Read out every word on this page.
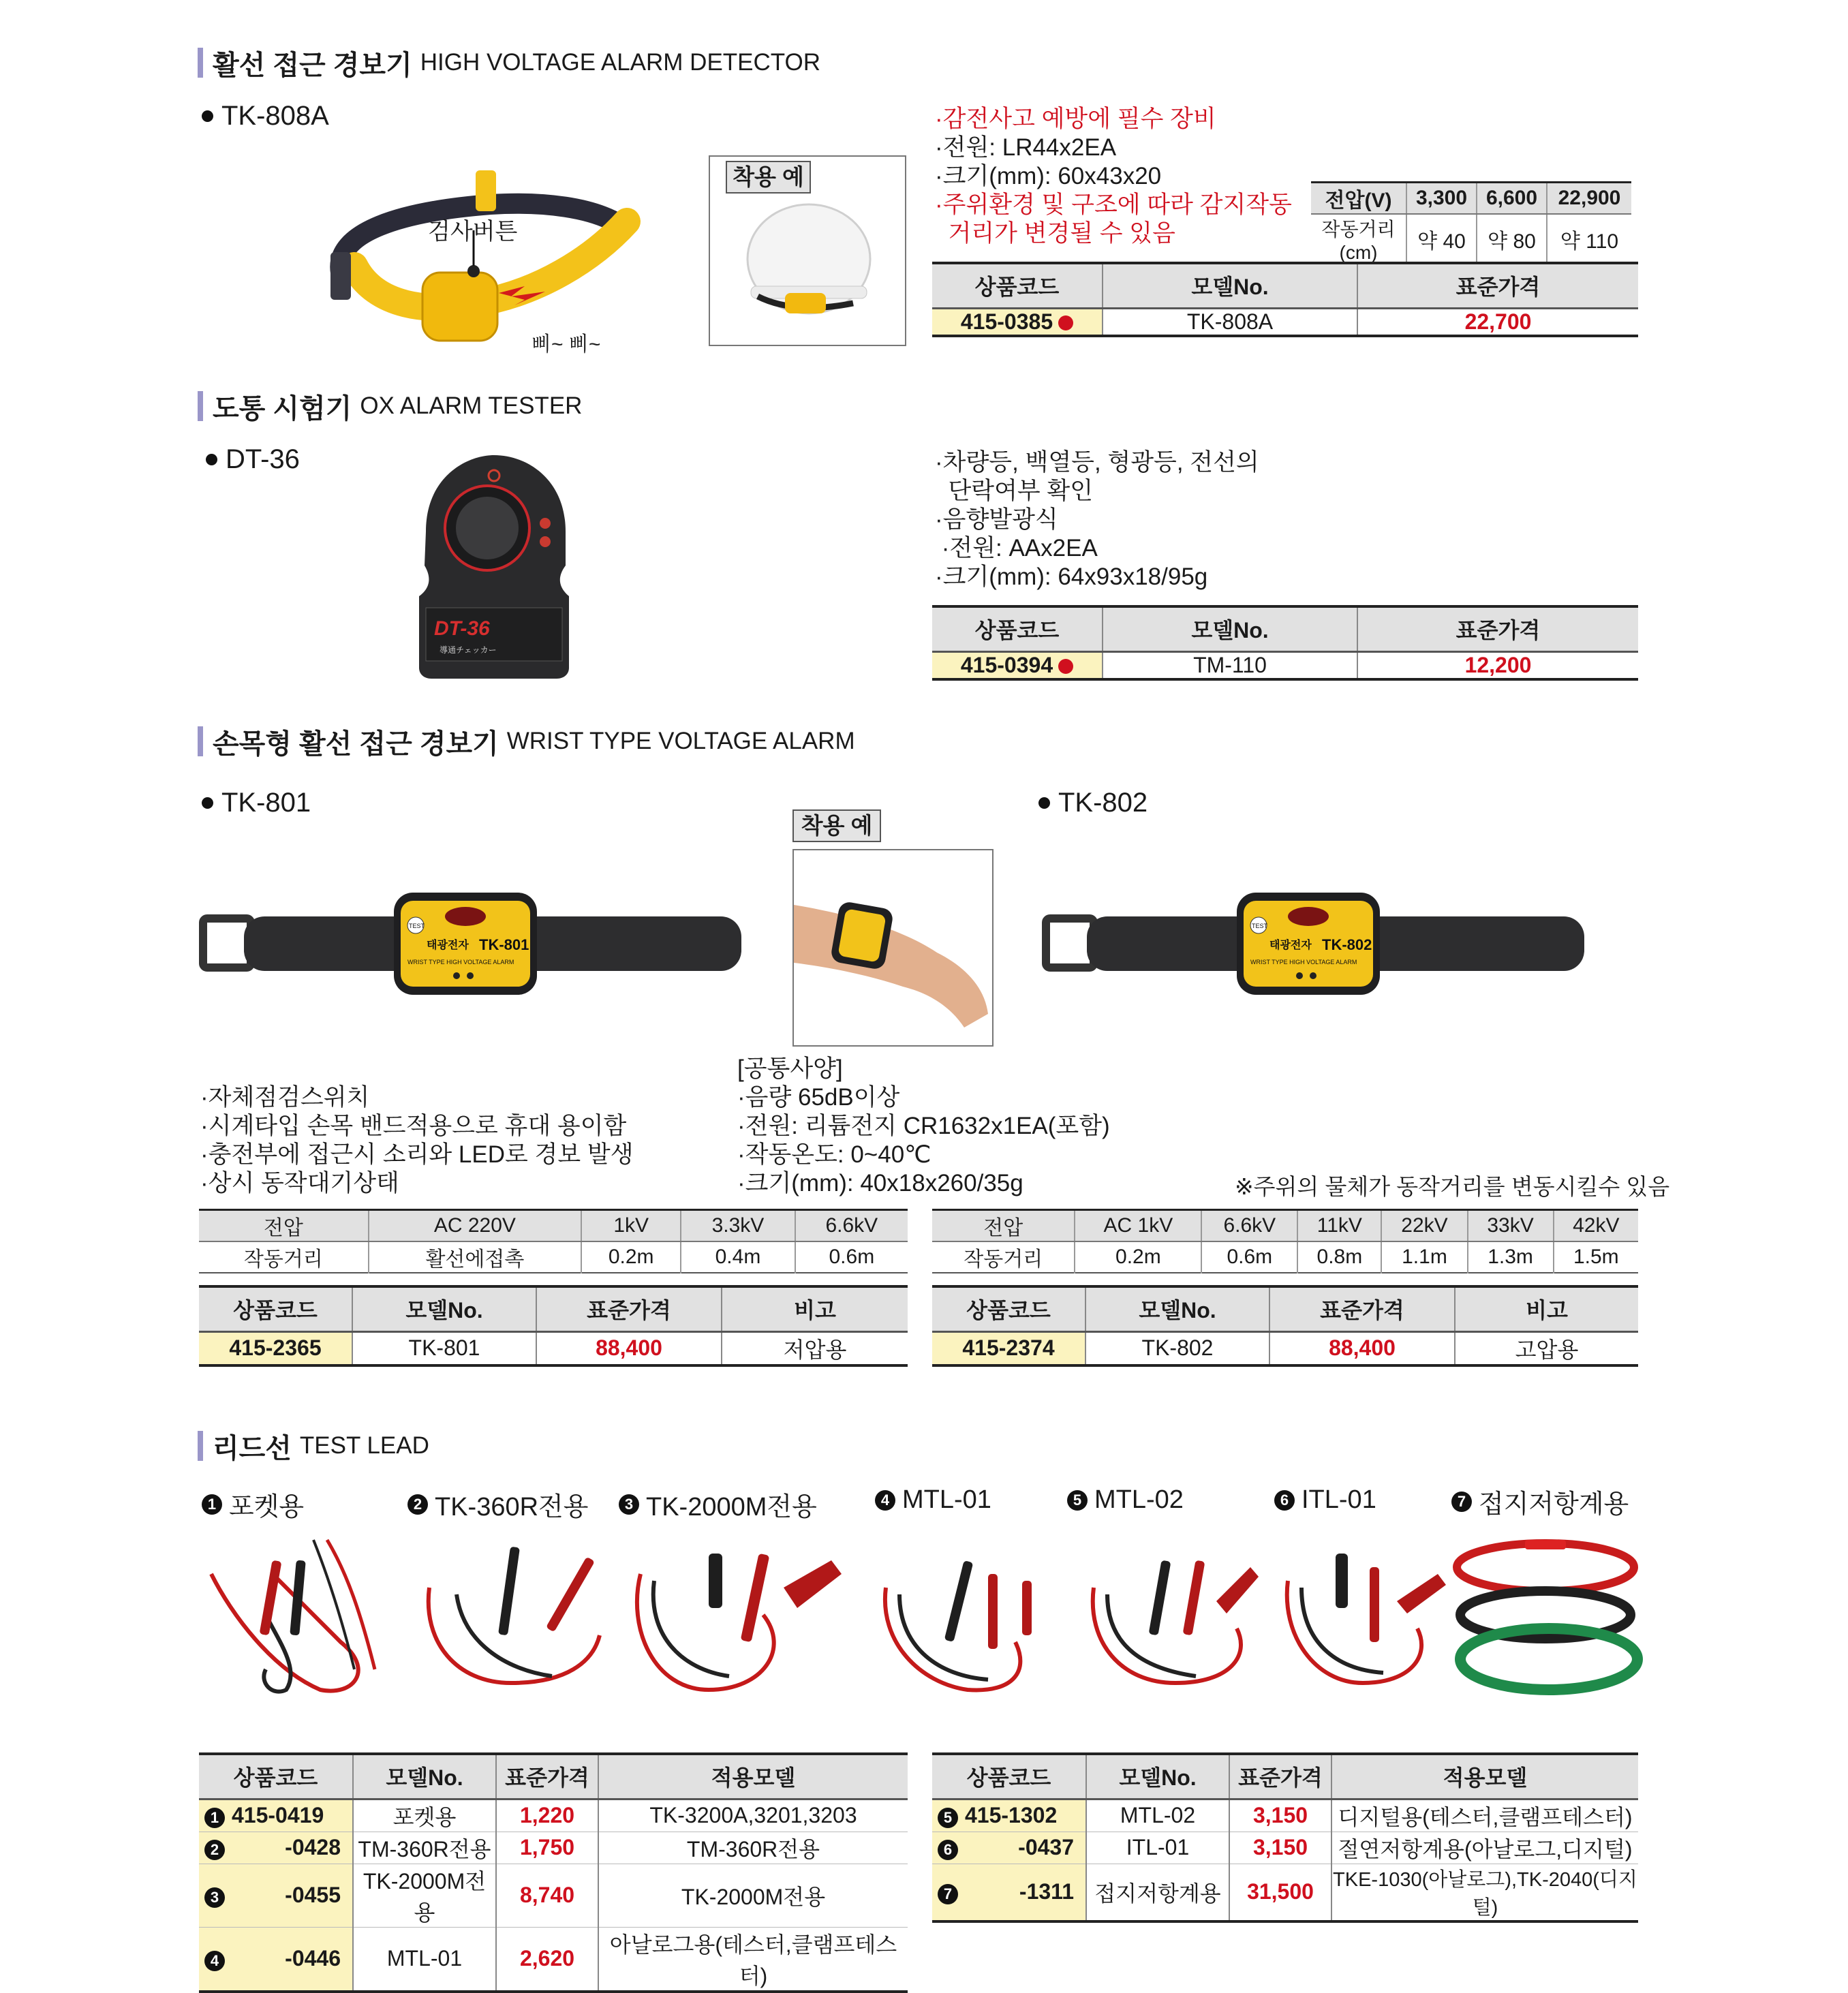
활선 접근 경보기 HIGH VOLTAGE ALARM DETECTOR
TK-808A
검사버튼
삐~ 삐~
착용 예
·감전사고 예방에 필수 장비
·전원: LR44x2EA
·크기(mm): 60x43x20
·주위환경 및 구조에 따라 감지작동
거리가 변경될 수 있음
전압(V)	3,300	6,600	22,900
작동거리(cm)	약 40	약 80	약 110
상품코드	모델No.	표준가격
415-0385	TK-808A	22,700
도통 시험기 OX ALARM TESTER
DT-36
DT-36
導通チェッカー
·차량등, 백열등, 형광등, 전선의
단락여부 확인
·음향발광식
·전원: AAx2EA
·크기(mm): 64x93x18/95g
상품코드	모델No.	표준가격
415-0394	TM-110	12,200
손목형 활선 접근 경보기 WRIST TYPE VOLTAGE ALARM
TK-801	TK-802
TEST
태광전자 TK-801
WRIST TYPE HIGH VOLTAGE ALARM
TEST
태광전자 TK-802
WRIST TYPE HIGH VOLTAGE ALARM
착용 예
·자체점검스위치
·시계타입 손목 밴드적용으로 휴대 용이함
·충전부에 접근시 소리와 LED로 경보 발생
·상시 동작대기상태
[공통사양]
·음량 65dB이상
·전원: 리튬전지 CR1632x1EA(포함)
·작동온도: 0~40℃
·크기(mm): 40x18x260/35g	※주위의 물체가 동작거리를 변동시킬수 있음
전압	AC 220V	1kV	3.3kV	6.6kV
작동거리	활선에접촉	0.2m	0.4m	0.6m
전압	AC 1kV	6.6kV	11kV	22kV	33kV	42kV
작동거리	0.2m	0.6m	0.8m	1.1m	1.3m	1.5m
상품코드	모델No.	표준가격	비고
415-2365	TK-801	88,400	저압용
상품코드	모델No.	표준가격	비고
415-2374	TK-802	88,400	고압용
리드선 TEST LEAD
1 포켓용	2 TK-360R전용	3 TK-2000M전용	4 MTL-01	5 MTL-02	6 ITL-01	7 접지저항계용
상품코드	모델No.	표준가격	적용모델
1 415-0419	포켓용	1,220	TK-3200A,3201,3203
2 -0428	TM-360R전용	1,750	TM-360R전용
3 -0455	TK-2000M전용	8,740	TK-2000M전용
4 -0446	MTL-01	2,620	아날로그용(테스터,클램프테스터)
상품코드	모델No.	표준가격	적용모델
5 415-1302	MTL-02	3,150	디지털용(테스터,클램프테스터)
6 -0437	ITL-01	3,150	절연저항계용(아날로그,디지털)
7 -1311	접지저항계용	31,500	TKE-1030(아날로그),TK-2040(디지털)
